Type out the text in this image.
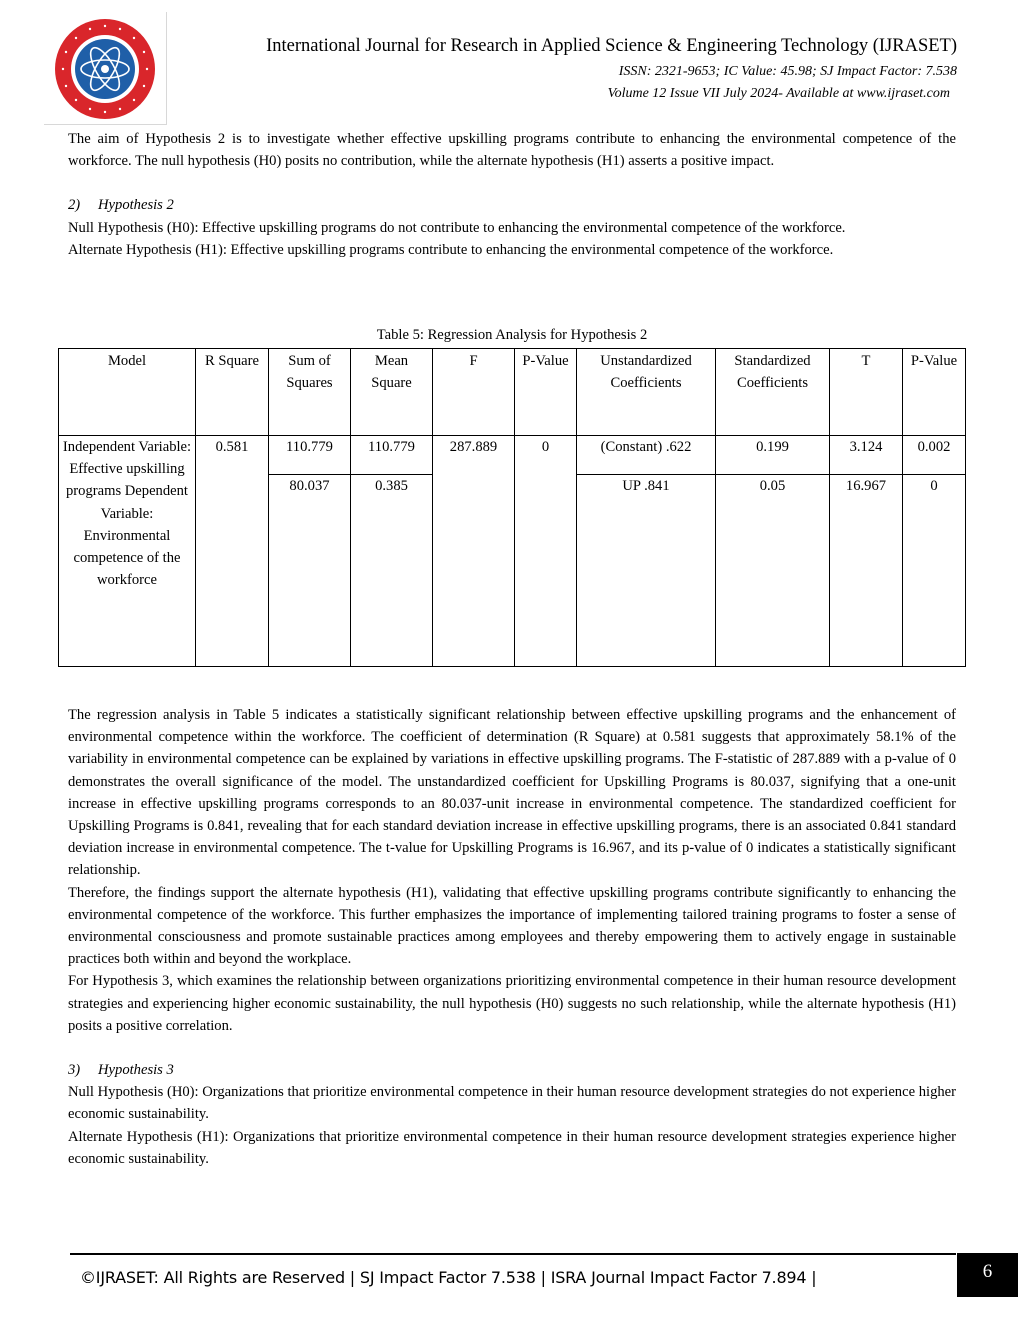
International Journal for Research in Applied Science & Engineering Technology (IJRASET)
ISSN: 2321-9653; IC Value: 45.98; SJ Impact Factor: 7.538
Volume 12 Issue VII July 2024- Available at www.ijraset.com

The aim of Hypothesis 2 is to investigate whether effective upskilling programs contribute to enhancing the environmental competence of the workforce. The null hypothesis (H0) posits no contribution, while the alternate hypothesis (H1) asserts a positive impact.

2) Hypothesis 2

Null Hypothesis (H0): Effective upskilling programs do not contribute to enhancing the environmental competence of the workforce.

Alternate Hypothesis (H1): Effective upskilling programs contribute to enhancing the environmental competence of the workforce.

Table 5: Regression Analysis for Hypothesis 2
Model	R Square	Sum of Squares	Mean Square	F	P-Value	Unstandardized Coefficients	Standardized Coefficients	T	P-Value
Independent Variable: Effective upskilling programs Dependent Variable: Environmental competence of the workforce	0.581	110.779	110.779	287.889	0	(Constant) .622	0.199	3.124	0.002
		80.037	0.385			UP .841	0.05	16.967	0

The regression analysis in Table 5 indicates a statistically significant relationship between effective upskilling programs and the enhancement of environmental competence within the workforce. The coefficient of determination (R Square) at 0.581 suggests that approximately 58.1% of the variability in environmental competence can be explained by variations in effective upskilling programs. The F-statistic of 287.889 with a p-value of 0 demonstrates the overall significance of the model. The unstandardized coefficient for Upskilling Programs is 80.037, signifying that a one-unit increase in effective upskilling programs corresponds to an 80.037-unit increase in environmental competence. The standardized coefficient for Upskilling Programs is 0.841, revealing that for each standard deviation increase in effective upskilling programs, there is an associated 0.841 standard deviation increase in environmental competence. The t-value for Upskilling Programs is 16.967, and its p-value of 0 indicates a statistically significant relationship.

Therefore, the findings support the alternate hypothesis (H1), validating that effective upskilling programs contribute significantly to enhancing the environmental competence of the workforce. This further emphasizes the importance of implementing tailored training programs to foster a sense of environmental consciousness and promote sustainable practices among employees and thereby empowering them to actively engage in sustainable practices both within and beyond the workplace.

For Hypothesis 3, which examines the relationship between organizations prioritizing environmental competence in their human resource development strategies and experiencing higher economic sustainability, the null hypothesis (H0) suggests no such relationship, while the alternate hypothesis (H1) posits a positive correlation.

3) Hypothesis 3

Null Hypothesis (H0): Organizations that prioritize environmental competence in their human resource development strategies do not experience higher economic sustainability.

Alternate Hypothesis (H1): Organizations that prioritize environmental competence in their human resource development strategies experience higher economic sustainability.

©IJRASET: All Rights are Reserved | SJ Impact Factor 7.538 | ISRA Journal Impact Factor 7.894 |	6
